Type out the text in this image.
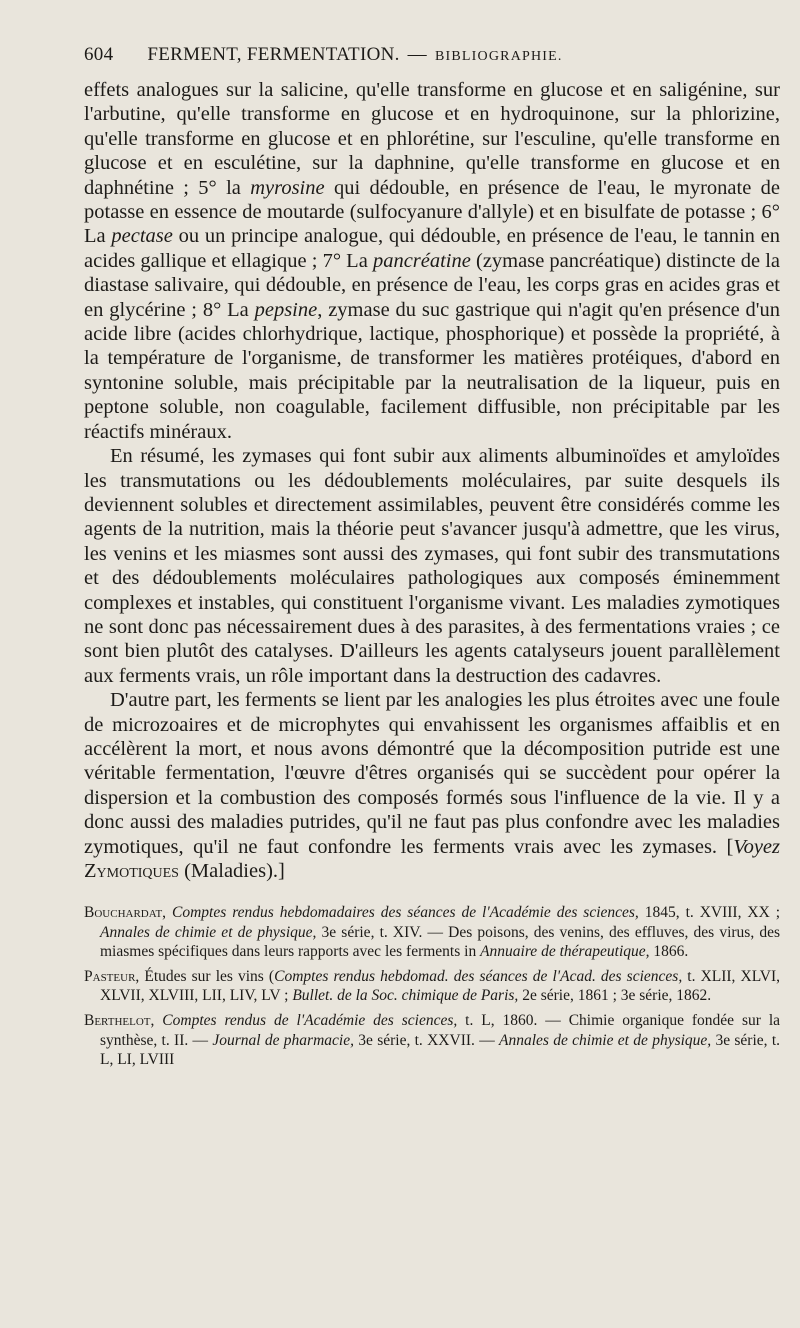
604 FERMENT, FERMENTATION. — BIBLIOGRAPHIE.

effets analogues sur la salicine, qu'elle transforme en glucose et en saligénine, sur l'arbutine, qu'elle transforme en glucose et en hydroquinone, sur la phlorizine, qu'elle transforme en glucose et en phlorétine, sur l'esculine, qu'elle transforme en glucose et en esculétine, sur la daphnine, qu'elle transforme en glucose et en daphnétine ; 5° la myrosine qui dédouble, en présence de l'eau, le myronate de potasse en essence de moutarde (sulfocyanure d'allyle) et en bisulfate de potasse ; 6° La pectase ou un principe analogue, qui dédouble, en présence de l'eau, le tannin en acides gallique et ellagique ; 7° La pancréatine (zymase pancréatique) distincte de la diastase salivaire, qui dédouble, en présence de l'eau, les corps gras en acides gras et en glycérine ; 8° La pepsine, zymase du suc gastrique qui n'agit qu'en présence d'un acide libre (acides chlorhydrique, lactique, phosphorique) et possède la propriété, à la température de l'organisme, de transformer les matières protéiques, d'abord en syntonine soluble, mais précipitable par la neutralisation de la liqueur, puis en peptone soluble, non coagulable, facilement diffusible, non précipitable par les réactifs minéraux.

En résumé, les zymases qui font subir aux aliments albuminoïdes et amyloïdes les transmutations ou les dédoublements moléculaires, par suite desquels ils deviennent solubles et directement assimilables, peuvent être considérés comme les agents de la nutrition, mais la théorie peut s'avancer jusqu'à admettre, que les virus, les venins et les miasmes sont aussi des zymases, qui font subir des transmutations et des dédoublements moléculaires pathologiques aux composés éminemment complexes et instables, qui constituent l'organisme vivant. Les maladies zymotiques ne sont donc pas nécessairement dues à des parasites, à des fermentations vraies ; ce sont bien plutôt des catalyses. D'ailleurs les agents catalyseurs jouent parallèlement aux ferments vrais, un rôle important dans la destruction des cadavres.

D'autre part, les ferments se lient par les analogies les plus étroites avec une foule de microzoaires et de microphytes qui envahissent les organismes affaiblis et en accélèrent la mort, et nous avons démontré que la décomposition putride est une véritable fermentation, l'œuvre d'êtres organisés qui se succèdent pour opérer la dispersion et la combustion des composés formés sous l'influence de la vie. Il y a donc aussi des maladies putrides, qu'il ne faut pas plus confondre avec les maladies zymotiques, qu'il ne faut confondre les ferments vrais avec les zymases. [Voyez Zymotiques (Maladies).]

Bouchardat, Comptes rendus hebdomadaires des séances de l'Académie des sciences, 1845, t. XVIII, XX ; Annales de chimie et de physique, 3e série, t. XIV. — Des poisons, des venins, des effluves, des virus, des miasmes spécifiques dans leurs rapports avec les ferments in Annuaire de thérapeutique, 1866.

Pasteur, Études sur les vins (Comptes rendus hebdomad. des séances de l'Acad. des sciences, t. XLII, XLVI, XLVII, XLVIII, LII, LIV, LV ; Bullet. de la Soc. chimique de Paris, 2e série, 1861 ; 3e série, 1862.

Berthelot, Comptes rendus de l'Académie des sciences, t. L, 1860. — Chimie organique fondée sur la synthèse, t. II. — Journal de pharmacie, 3e série, t. XXVII. — Annales de chimie et de physique, 3e série, t. L, LI, LVIII
